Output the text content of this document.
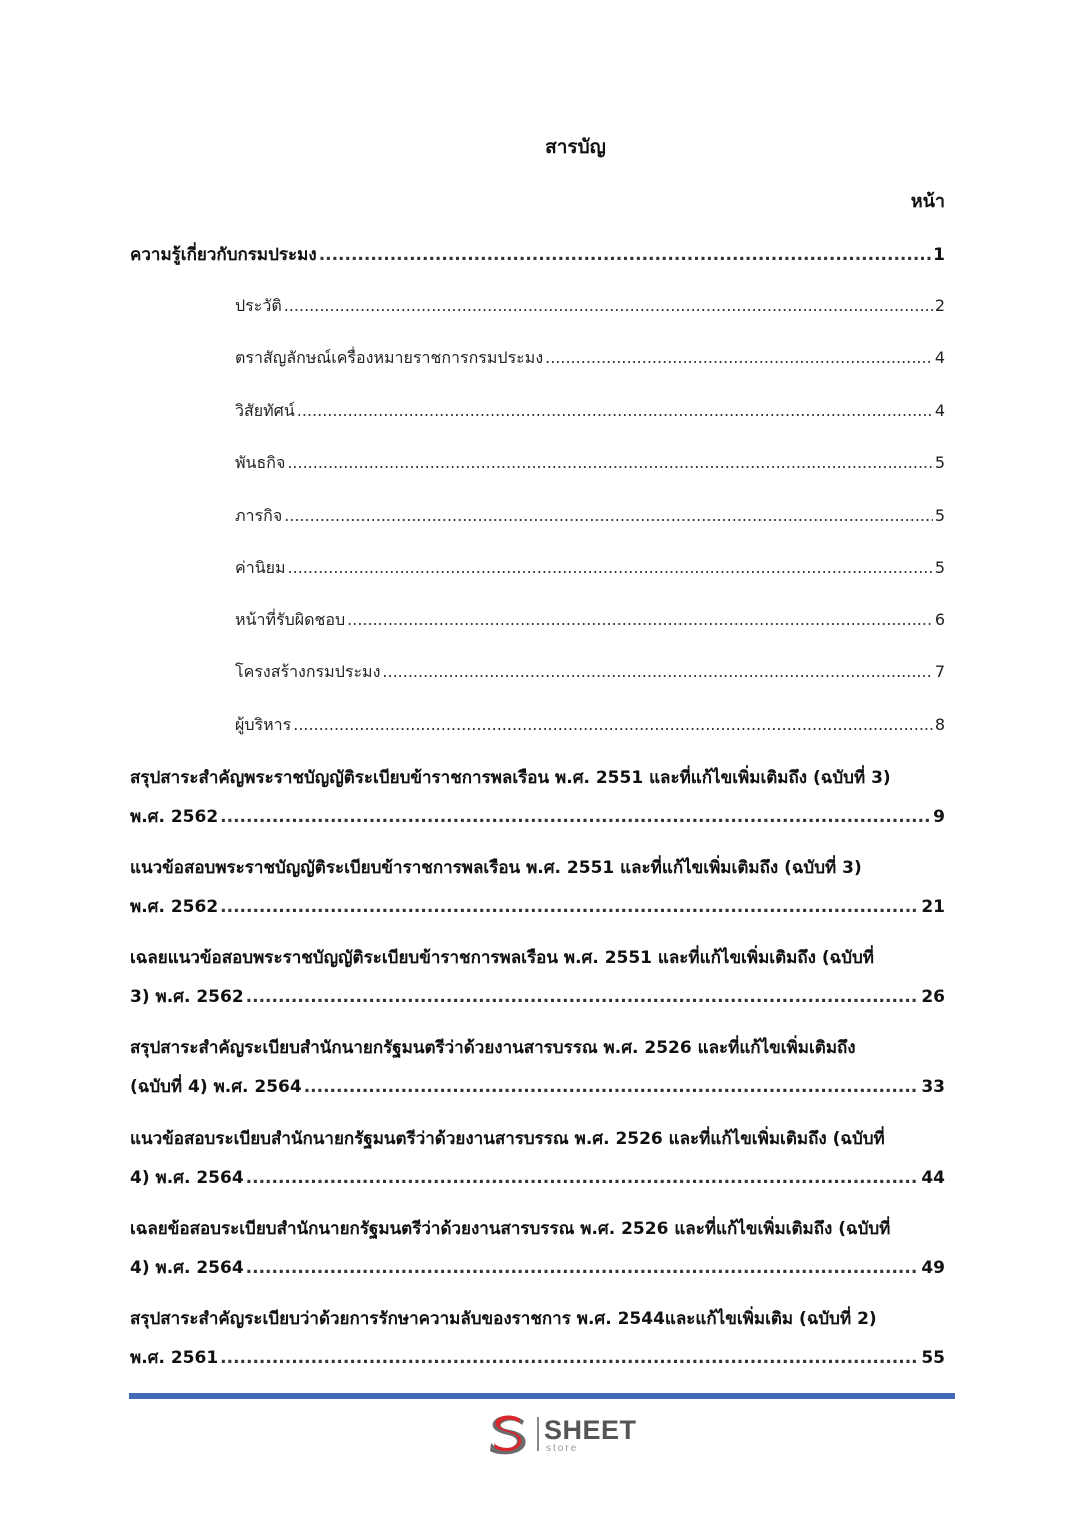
สารบัญ
หน้า
ความรู้เกี่ยวกับกรมประมง .....	1
ประวัติ .....	2
ตราสัญลักษณ์เครื่องหมายราชการกรมประมง .....	4
วิสัยทัศน์ .....	4
พันธกิจ .....	5
ภารกิจ .....	5
ค่านิยม .....	5
หน้าที่รับผิดชอบ .....	6
โครงสร้างกรมประมง .....	7
ผู้บริหาร .....	8
สรุปสาระสำคัญพระราชบัญญัติระเบียบข้าราชการพลเรือน พ.ศ. 2551 และที่แก้ไขเพิ่มเติมถึง (ฉบับที่ 3)
พ.ศ. 2562 .....	9
แนวข้อสอบพระราชบัญญัติระเบียบข้าราชการพลเรือน พ.ศ. 2551 และที่แก้ไขเพิ่มเติมถึง (ฉบับที่ 3)
พ.ศ. 2562 .....	21
เฉลยแนวข้อสอบพระราชบัญญัติระเบียบข้าราชการพลเรือน พ.ศ. 2551 และที่แก้ไขเพิ่มเติมถึง (ฉบับที่
3) พ.ศ. 2562 .....	26
สรุปสาระสำคัญระเบียบสำนักนายกรัฐมนตรีว่าด้วยงานสารบรรณ พ.ศ. 2526 และที่แก้ไขเพิ่มเติมถึง
(ฉบับที่ 4) พ.ศ. 2564 .....	33
แนวข้อสอบระเบียบสำนักนายกรัฐมนตรีว่าด้วยงานสารบรรณ พ.ศ. 2526 และที่แก้ไขเพิ่มเติมถึง (ฉบับที่
4) พ.ศ. 2564 .....	44
เฉลยข้อสอบระเบียบสำนักนายกรัฐมนตรีว่าด้วยงานสารบรรณ พ.ศ. 2526 และที่แก้ไขเพิ่มเติมถึง (ฉบับที่
4) พ.ศ. 2564 .....	49
สรุปสาระสำคัญระเบียบว่าด้วยการรักษาความลับของราชการ พ.ศ. 2544และแก้ไขเพิ่มเติม (ฉบับที่ 2)
พ.ศ. 2561 .....	55
SHEET
store
